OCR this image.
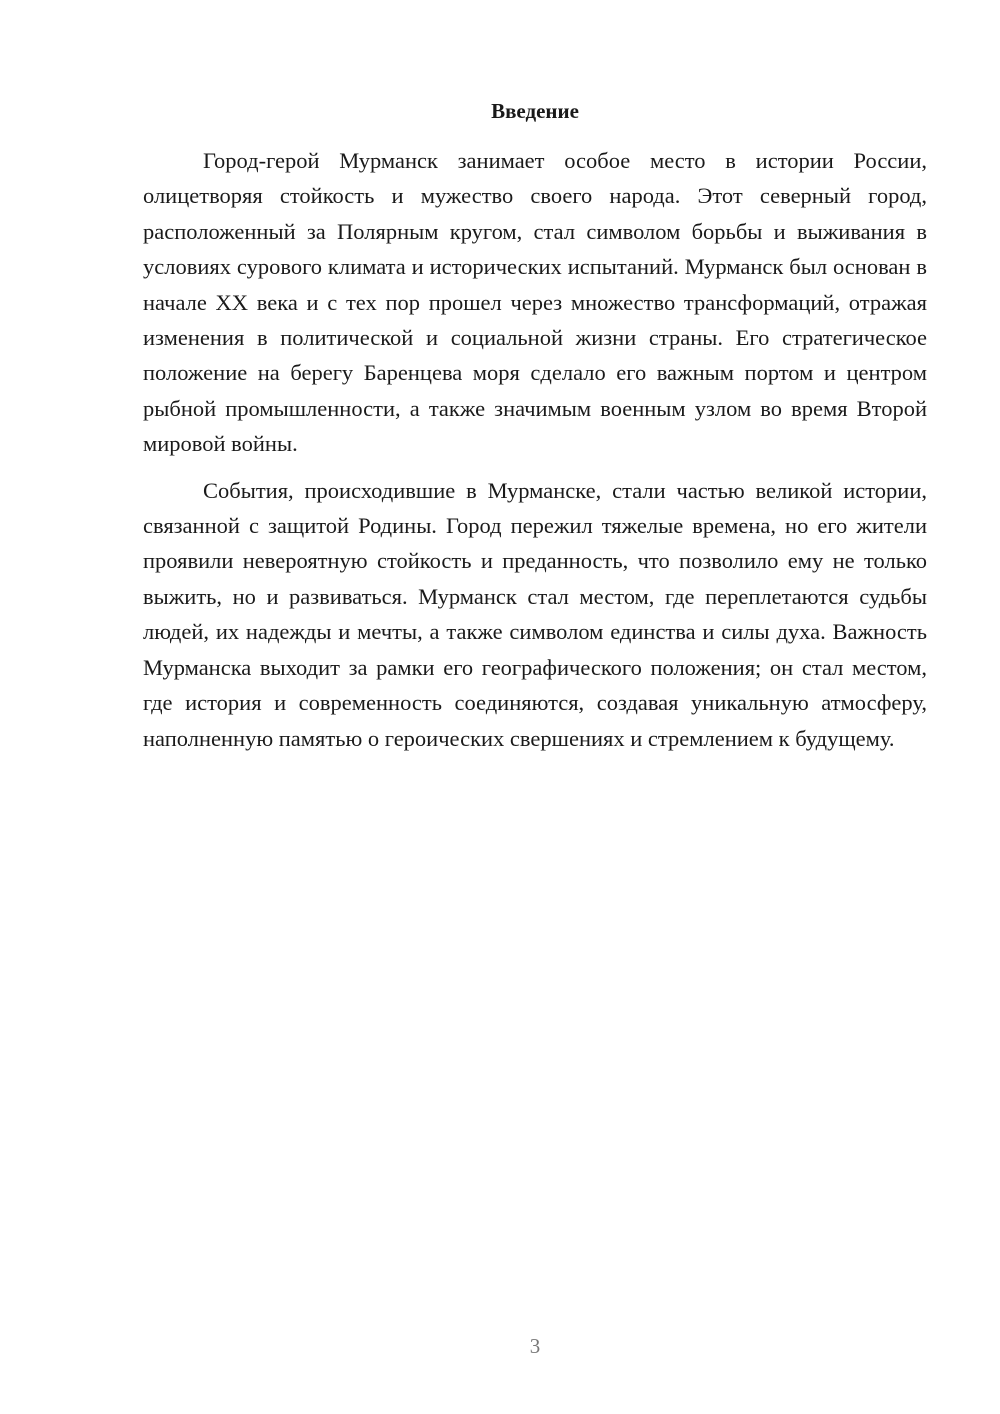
Введение

Город-герой Мурманск занимает особое место в истории России, олицетворяя стойкость и мужество своего народа. Этот северный город, расположенный за Полярным кругом, стал символом борьбы и выживания в условиях сурового климата и исторических испытаний. Мурманск был основан в начале XX века и с тех пор прошел через множество трансформаций, отражая изменения в политической и социальной жизни страны. Его стратегическое положение на берегу Баренцева моря сделало его важным портом и центром рыбной промышленности, а также значимым военным узлом во время Второй мировой войны.

События, происходившие в Мурманске, стали частью великой истории, связанной с защитой Родины. Город пережил тяжелые времена, но его жители проявили невероятную стойкость и преданность, что позволило ему не только выжить, но и развиваться. Мурманск стал местом, где переплетаются судьбы людей, их надежды и мечты, а также символом единства и силы духа. Важность Мурманска выходит за рамки его географического положения; он стал местом, где история и современность соединяются, создавая уникальную атмосферу, наполненную памятью о героических свершениях и стремлением к будущему.

3
